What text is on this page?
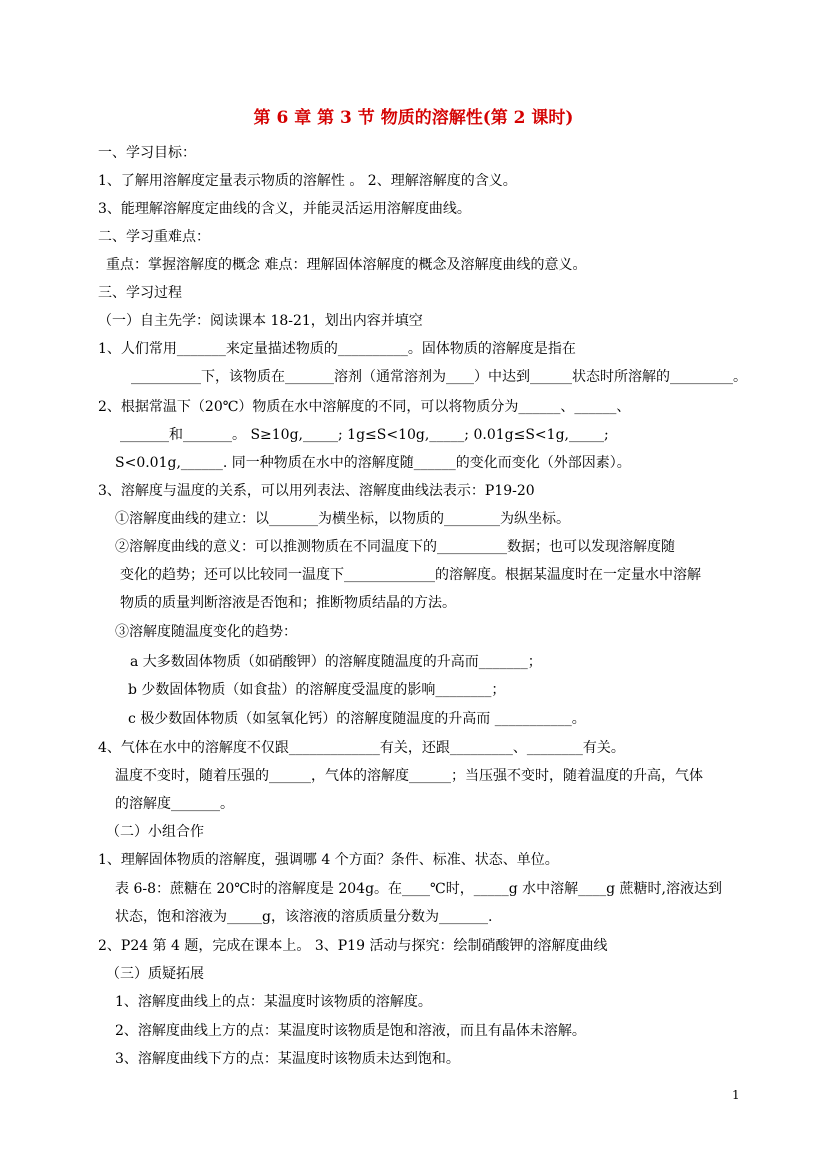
第 6 章 第 3 节 物质的溶解性(第 2 课时)
一、学习目标：
1、了解用溶解度定量表示物质的溶解性 。 2、理解溶解度的含义。
3、能理解溶解度定曲线的含义，并能灵活运用溶解度曲线。
二、学习重难点：
重点：掌握溶解度的概念 难点：理解固体溶解度的概念及溶解度曲线的意义。
三、学习过程
（一）自主先学：阅读课本 18-21，划出内容并填空
1、人们常用_______来定量描述物质的__________。固体物质的溶解度是指在
__________下，该物质在_______溶剂（通常溶剂为____）中达到______状态时所溶解的_________。
2、根据常温下（20℃）物质在水中溶解度的不同，可以将物质分为______、______、
_______和_______。 S≥10g,_____; 1g≤S<10g,_____; 0.01g≤S<1g,_____;
S<0.01g,______. 同一种物质在水中的溶解度随______的变化而变化（外部因素）。
3、溶解度与温度的关系，可以用列表法、溶解度曲线法表示：P19-20
①溶解度曲线的建立：以_______为横坐标，以物质的________为纵坐标。
②溶解度曲线的意义：可以推测物质在不同温度下的__________数据；也可以发现溶解度随
变化的趋势；还可以比较同一温度下_____________的溶解度。根据某温度时在一定量水中溶解
物质的质量判断溶液是否饱和；推断物质结晶的方法。
③溶解度随温度变化的趋势：
a 大多数固体物质（如硝酸钾）的溶解度随温度的升高而_______；
b 少数固体物质（如食盐）的溶解度受温度的影响________；
c 极少数固体物质（如氢氧化钙）的溶解度随温度的升高而 ___________。
4、气体在水中的溶解度不仅跟_____________有关，还跟_________、________有关。
温度不变时，随着压强的______，气体的溶解度______；当压强不变时，随着温度的升高，气体
的溶解度_______。
（二）小组合作
1、理解固体物质的溶解度，强调哪 4 个方面？条件、标准、状态、单位。
表 6-8：蔗糖在 20℃时的溶解度是 204g。在____℃时，_____g 水中溶解____g 蔗糖时,溶液达到
状态，饱和溶液为_____g，该溶液的溶质质量分数为_______.
2、P24 第 4 题，完成在课本上。 3、P19 活动与探究：绘制硝酸钾的溶解度曲线
（三）质疑拓展
1、溶解度曲线上的点：某温度时该物质的溶解度。
2、溶解度曲线上方的点：某温度时该物质是饱和溶液，而且有晶体未溶解。
3、溶解度曲线下方的点：某温度时该物质未达到饱和。
1
